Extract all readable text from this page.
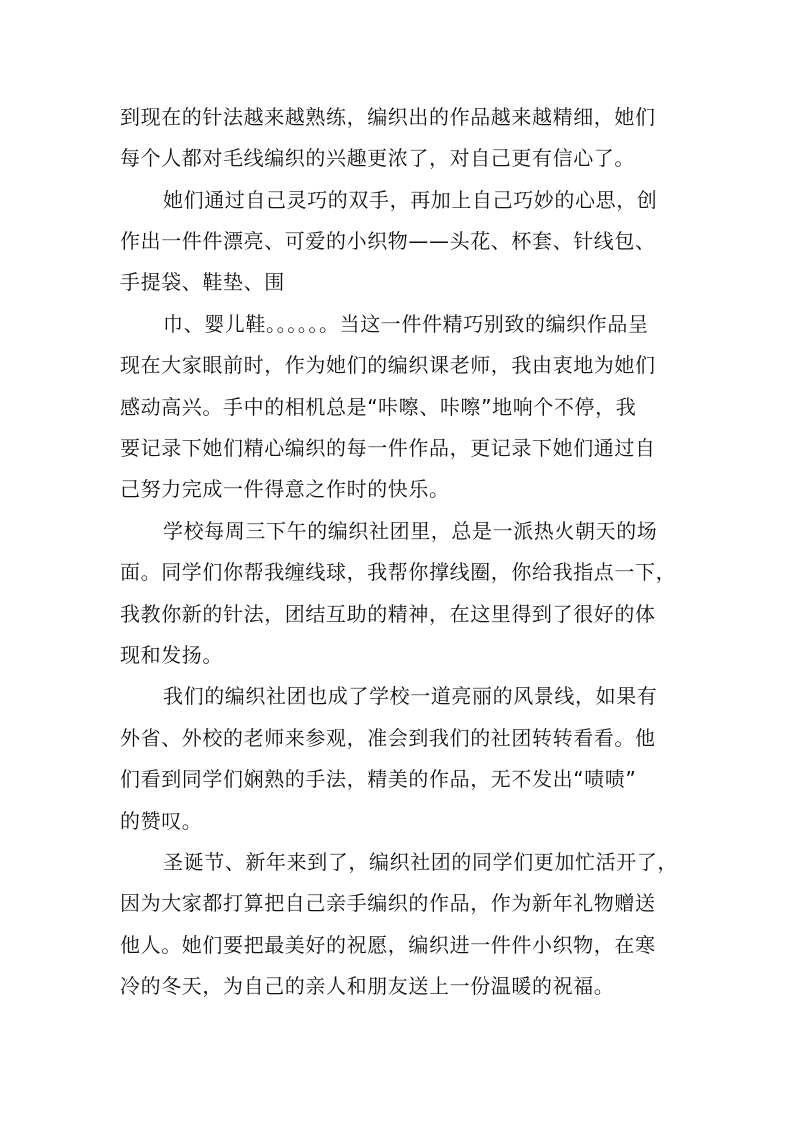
到现在的针法越来越熟练，编织出的作品越来越精细，她们
每个人都对毛线编织的兴趣更浓了，对自己更有信心了。
她们通过自己灵巧的双手，再加上自己巧妙的心思，创
作出一件件漂亮、可爱的小织物——头花、杯套、针线包、
手提袋、鞋垫、围
巾、婴儿鞋。。。。。。当这一件件精巧别致的编织作品呈
现在大家眼前时，作为她们的编织课老师，我由衷地为她们
感动高兴。手中的相机总是“咔嚓、咔嚓”地响个不停，我
要记录下她们精心编织的每一件作品，更记录下她们通过自
己努力完成一件得意之作时的快乐。
学校每周三下午的编织社团里，总是一派热火朝天的场
面。同学们你帮我缠线球，我帮你撑线圈，你给我指点一下，
我教你新的针法，团结互助的精神，在这里得到了很好的体
现和发扬。
我们的编织社团也成了学校一道亮丽的风景线，如果有
外省、外校的老师来参观，准会到我们的社团转转看看。他
们看到同学们娴熟的手法，精美的作品，无不发出“啧啧”
的赞叹。
圣诞节、新年来到了，编织社团的同学们更加忙活开了，
因为大家都打算把自己亲手编织的作品，作为新年礼物赠送
他人。她们要把最美好的祝愿，编织进一件件小织物，在寒
冷的冬天，为自己的亲人和朋友送上一份温暖的祝福。
